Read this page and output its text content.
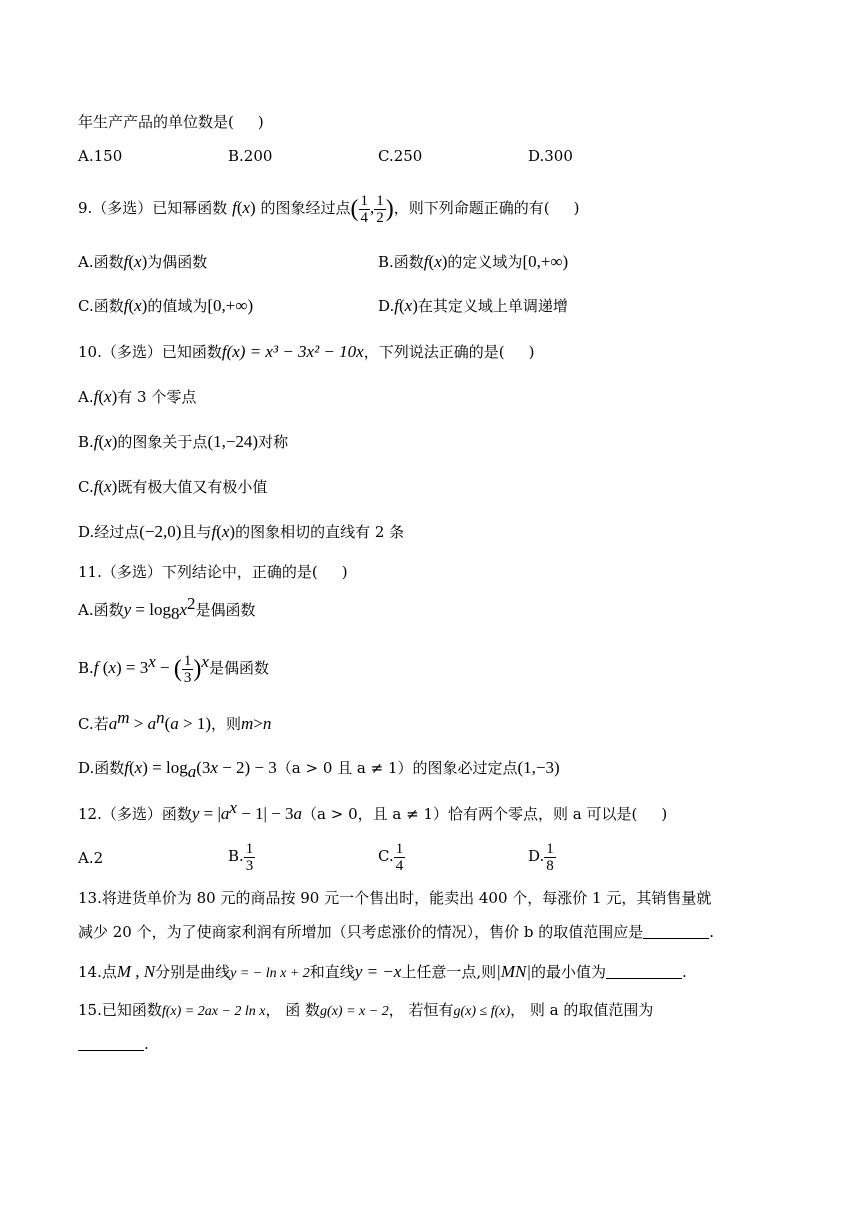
年生产产品的单位数是( )
A.150	B.200	C.250	D.300
9.（多选）已知幂函数 f(x) 的图象经过点( $\frac{1}{4}$ , $\frac{1}{2}$ )，则下列命题正确的有( )
A.函数f(x)为偶函数	B.函数f(x)的定义域为[0,+∞)
C.函数f(x)的值域为[0,+∞)	D.f(x)在其定义域上单调递增
10.（多选）已知函数f(x) = x³ − 3x² − 10x，下列说法正确的是( )
A.f(x)有 3 个零点
B.f(x)的图象关于点(1,−24)对称
C.f(x)既有极大值又有极小值
D.经过点(−2,0)且与f(x)的图象相切的直线有 2 条
11.（多选）下列结论中，正确的是( )
A.函数$y = \log_8x^2$是偶函数
B.f $(x) = 3^x$ − ( $\frac{1}{3} )^x$是偶函数
C.若$a^m > a^n(a > 1)$，则m>n
D.函数$f(x) = \log_a(3x - 2) - 3(a > 0$ 且 a ≠ 1）的图象必过定点(1,−3)
12.（多选）函数$y = |a^x - 1| - 3a(a > 0$，且 a ≠ 1）恰有两个零点，则 a 可以是( )
A.2	B. $\frac{1}{3}$	C. $\frac{1}{4}$	D. $\frac{1}{8}$
13.将进货单价为 80 元的商品按 90 元一个售出时，能卖出 400 个，每涨价 1 元，其销售量就
减少 20 个，为了使商家利润有所增加（只考虑涨价的情况），售价 b 的取值范围应是	.
14.点M , N分别是曲线y = − ln x + 2和直线y = −x上任意一点,则|MN|的最小值为	.
15.已知函数f(x) = 2ax − 2 ln x， 函 数g(x) = x − 2， 若恒有g(x) ≤ f(x)， 则 a 的取值范围为
.
